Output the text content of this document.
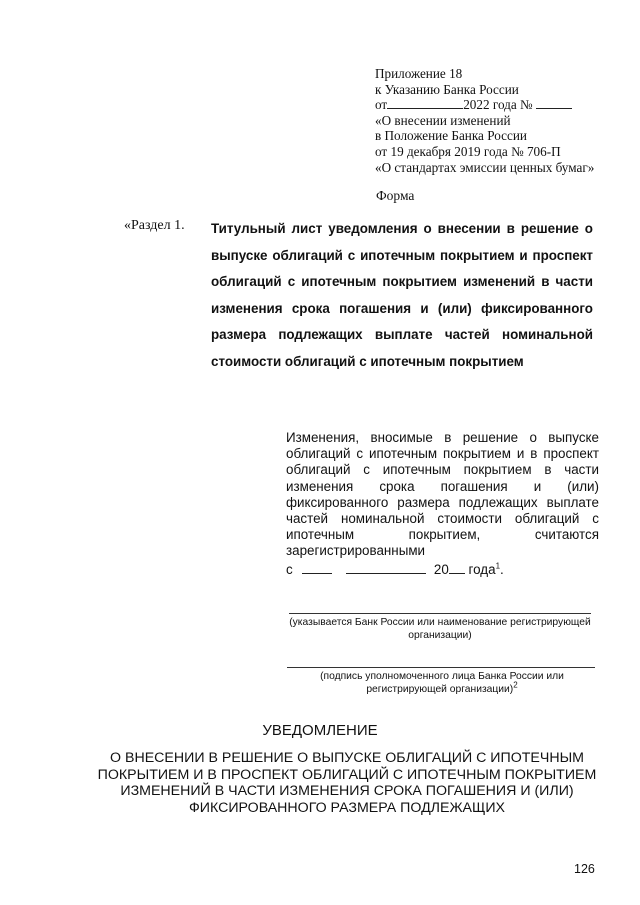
Приложение 18
к Указанию Банка России
от	2022 года №
«О внесении изменений
в Положение Банка России
от 19 декабря 2019 года № 706-П
«О стандартах эмиссии ценных бумаг»
Форма
«Раздел 1. Титульный лист уведомления о внесении в решение о выпуске облигаций с ипотечным покрытием и проспект облигаций с ипотечным покрытием изменений в части изменения срока погашения и (или) фиксированного размера подлежащих выплате частей номинальной стоимости облигаций с ипотечным покрытием
Изменения, вносимые в решение о выпуске облигаций с ипотечным покрытием и в проспект облигаций с ипотечным покрытием в части изменения срока погашения и (или) фиксированного размера подлежащих выплате частей номинальной стоимости облигаций с ипотечным покрытием, считаются зарегистрированными
с	20 года$^1$.
(указывается Банк России или наименование регистрирующей организации)
(подпись уполномоченного лица Банка России или регистрирующей организации)$^2$
УВЕДОМЛЕНИЕ
О ВНЕСЕНИИ В РЕШЕНИЕ О ВЫПУСКЕ ОБЛИГАЦИЙ С ИПОТЕЧНЫМ ПОКРЫТИЕМ И В ПРОСПЕКТ ОБЛИГАЦИЙ С ИПОТЕЧНЫМ ПОКРЫТИЕМ ИЗМЕНЕНИЙ В ЧАСТИ ИЗМЕНЕНИЯ СРОКА ПОГАШЕНИЯ И (ИЛИ) ФИКСИРОВАННОГО РАЗМЕРА ПОДЛЕЖАЩИХ
126
